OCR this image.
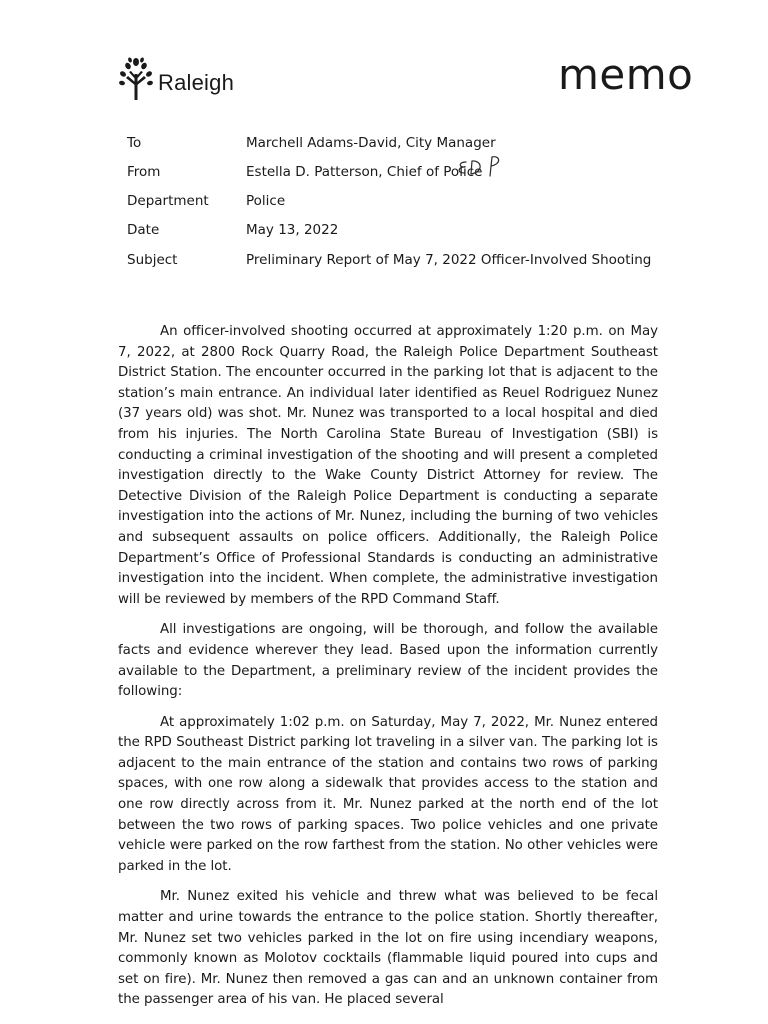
Raleigh	memo
To	Marchell Adams-David, City Manager
From	Estella D. Patterson, Chief of Police
Department	Police
Date	May 13, 2022
Subject	Preliminary Report of May 7, 2022 Officer-Involved Shooting

An officer-involved shooting occurred at approximately 1:20 p.m. on May 7, 2022, at 2800 Rock Quarry Road, the Raleigh Police Department Southeast District Station. The encounter occurred in the parking lot that is adjacent to the station’s main entrance. An individual later identified as Reuel Rodriguez Nunez (37 years old) was shot. Mr. Nunez was transported to a local hospital and died from his injuries. The North Carolina State Bureau of Investigation (SBI) is conducting a criminal investigation of the shooting and will present a completed investigation directly to the Wake County District Attorney for review. The Detective Division of the Raleigh Police Department is conducting a separate investigation into the actions of Mr. Nunez, including the burning of two vehicles and subsequent assaults on police officers. Additionally, the Raleigh Police Department’s Office of Professional Standards is conducting an administrative investigation into the incident. When complete, the administrative investigation will be reviewed by members of the RPD Command Staff.

All investigations are ongoing, will be thorough, and follow the available facts and evidence wherever they lead. Based upon the information currently available to the Department, a preliminary review of the incident provides the following:

At approximately 1:02 p.m. on Saturday, May 7, 2022, Mr. Nunez entered the RPD Southeast District parking lot traveling in a silver van. The parking lot is adjacent to the main entrance of the station and contains two rows of parking spaces, with one row along a sidewalk that provides access to the station and one row directly across from it. Mr. Nunez parked at the north end of the lot between the two rows of parking spaces. Two police vehicles and one private vehicle were parked on the row farthest from the station. No other vehicles were parked in the lot.

Mr. Nunez exited his vehicle and threw what was believed to be fecal matter and urine towards the entrance to the police station. Shortly thereafter, Mr. Nunez set two vehicles parked in the lot on fire using incendiary weapons, commonly known as Molotov cocktails (flammable liquid poured into cups and set on fire). Mr. Nunez then removed a gas can and an unknown container from the passenger area of his van. He placed several
